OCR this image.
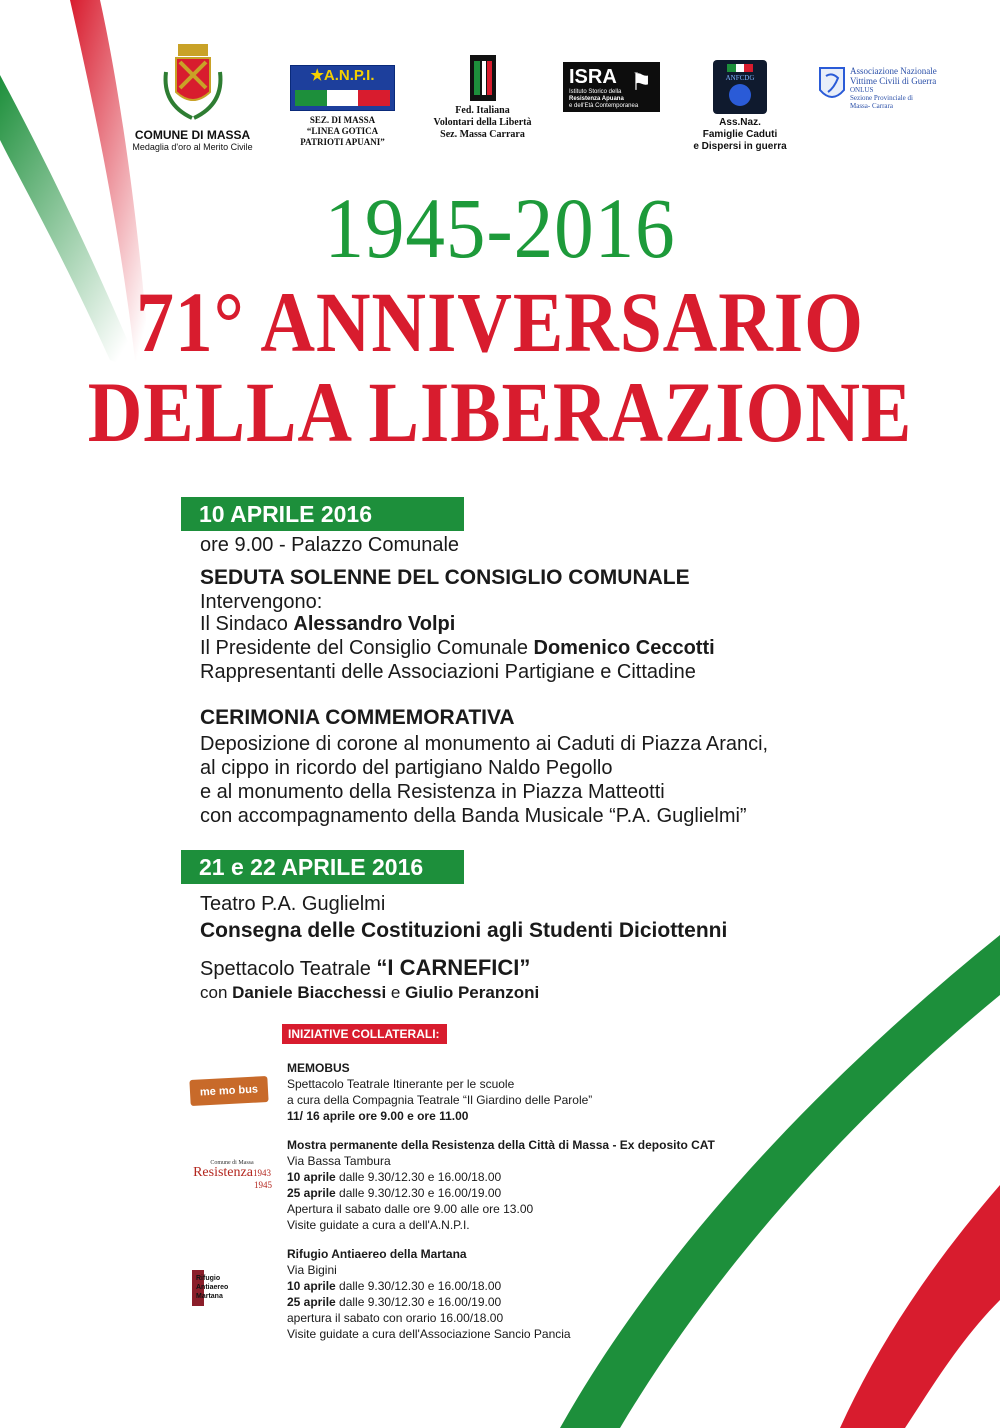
COMUNE DI MASSA
Medaglia d'oro al Merito Civile
★A.N.P.I.
SEZ. DI MASSA
“LINEA GOTICA
PATRIOTI APUANI”
Fed. Italiana
Volontari della Libertà
Sez. Massa Carrara
ISRA ⚑
Istituto Storico della
Resistenza Apuana
e dell'Età Contemporanea
ANFCDG
Ass.Naz.
Famiglie Caduti
e Dispersi in guerra
Associazione Nazionale
Vittime Civili di Guerra
ONLUS
Sezione Provinciale di
Massa- Carrara
1945-2016
71° ANNIVERSARIO
DELLA LIBERAZIONE
10 APRILE 2016
ore 9.00 - Palazzo Comunale
SEDUTA SOLENNE DEL CONSIGLIO COMUNALE
Intervengono:
Il Sindaco Alessandro Volpi
Il Presidente del Consiglio Comunale Domenico Ceccotti
Rappresentanti delle Associazioni Partigiane e Cittadine
CERIMONIA COMMEMORATIVA
Deposizione di corone al monumento ai Caduti di Piazza Aranci,
al cippo in ricordo del partigiano Naldo Pegollo
e al monumento della Resistenza in Piazza Matteotti
con accompagnamento della Banda Musicale “P.A. Guglielmi”
21 e 22 APRILE 2016
Teatro P.A. Guglielmi
Consegna delle Costituzioni agli Studenti Diciottenni
Spettacolo Teatrale “I CARNEFICI”
con Daniele Biacchessi e Giulio Peranzoni
INIZIATIVE COLLATERALI:
me mo bus
MEMOBUS
Spettacolo Teatrale Itinerante per le scuole
a cura della Compagnia Teatrale “Il Giardino delle Parole”
11/ 16 aprile ore 9.00 e ore 11.00
Comune di Massa
Resistenza1943
1945
Mostra permanente della Resistenza della Città di Massa - Ex deposito CAT
Via Bassa Tambura
10 aprile dalle 9.30/12.30 e 16.00/18.00
25 aprile dalle 9.30/12.30 e 16.00/19.00
Apertura il sabato dalle ore 9.00 alle ore 13.00
Visite guidate a cura a dell'A.N.P.I.
Rifugio
Antiaereo
Martana
Rifugio Antiaereo della Martana
Via Bigini
10 aprile dalle 9.30/12.30 e 16.00/18.00
25 aprile dalle 9.30/12.30 e 16.00/19.00
apertura il sabato con orario 16.00/18.00
Visite guidate a cura dell'Associazione Sancio Pancia
